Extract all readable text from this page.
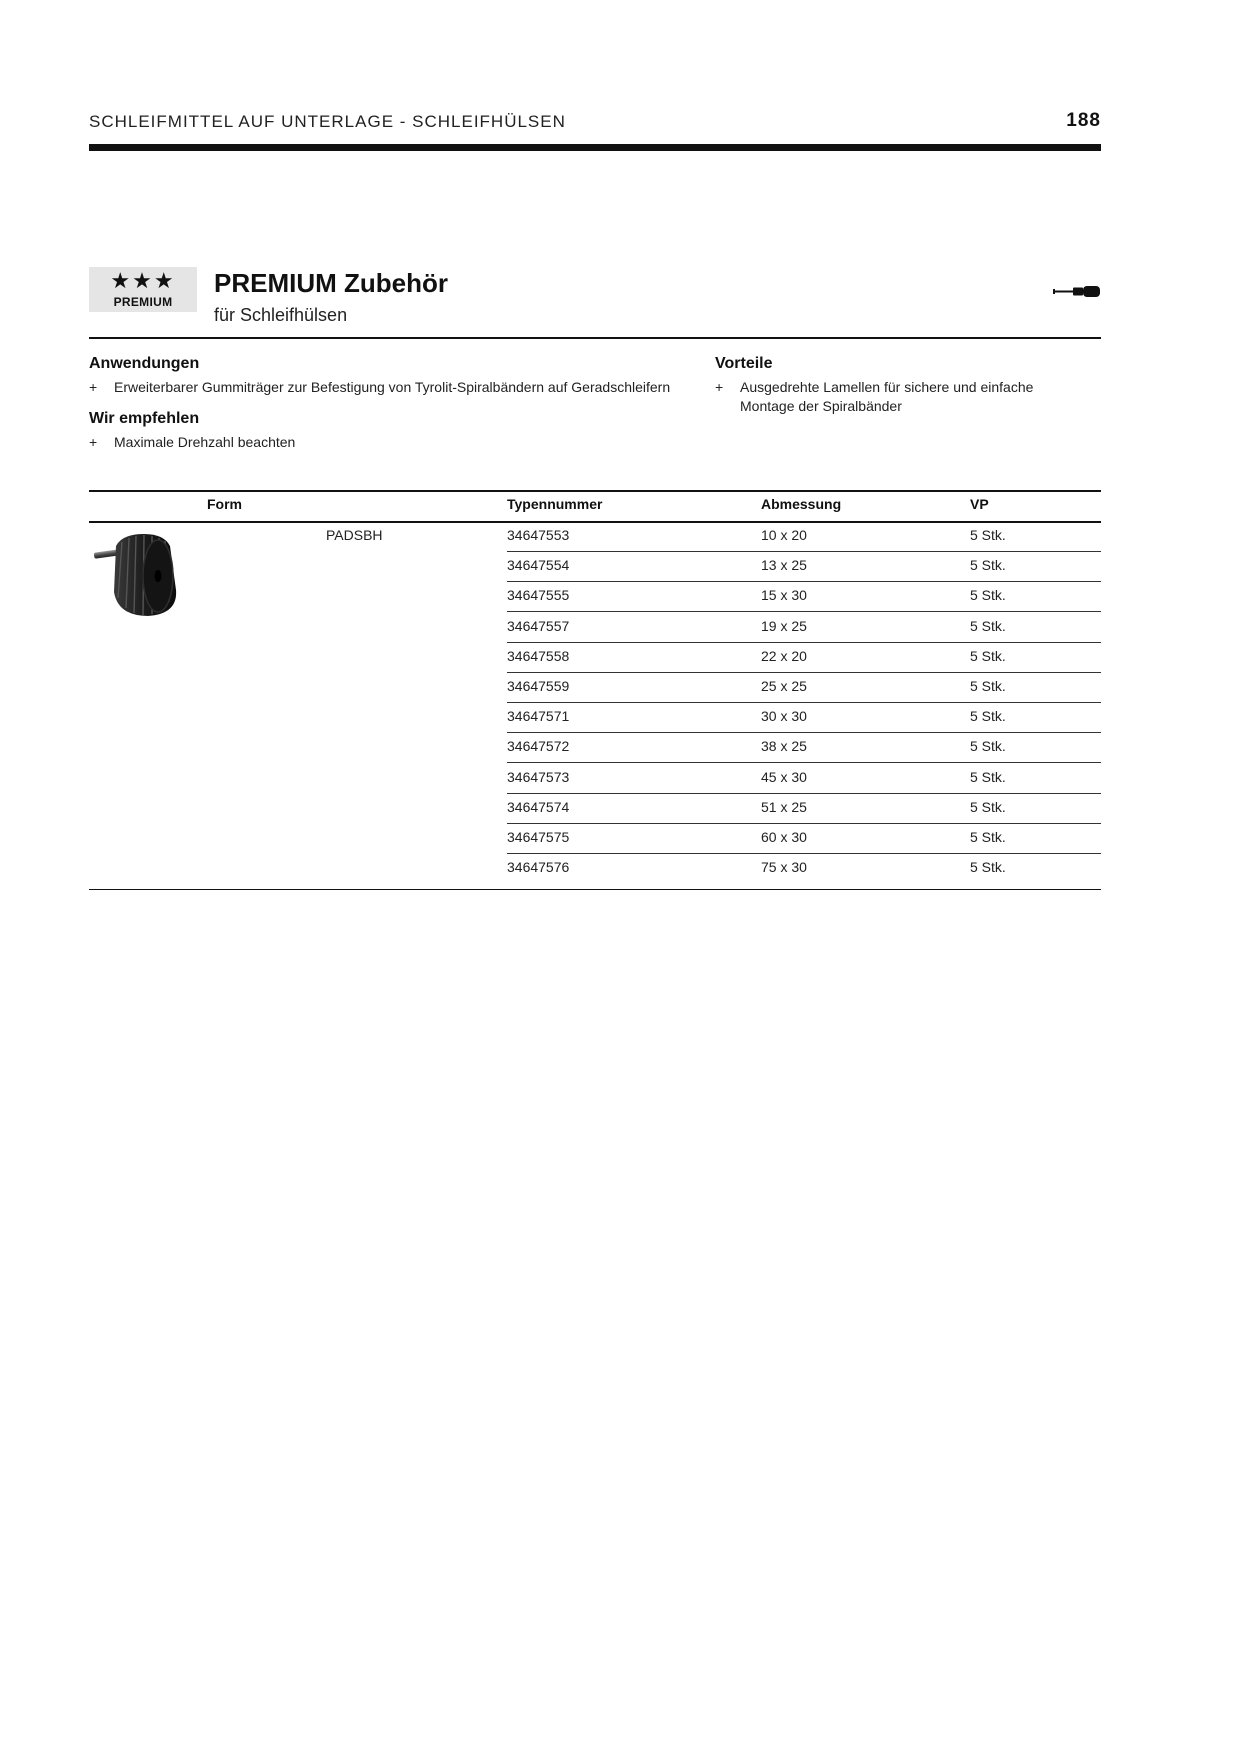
SCHLEIFMITTEL AUF UNTERLAGE - SCHLEIFHÜLSEN	188
★★★
PREMIUM
PREMIUM Zubehör
für Schleifhülsen
Anwendungen
+ Erweiterbarer Gummiträger zur Befestigung von Tyrolit-Spiralbändern auf Geradschleifern
Wir empfehlen
+ Maximale Drehzahl beachten
Vorteile
+ Ausgedrehte Lamellen für sichere und einfache
Montage der Spiralbänder
Form	Typennummer	Abmessung	VP
PADSBH	34647553	10 x 20	5 Stk.
34647554	13 x 25	5 Stk.
34647555	15 x 30	5 Stk.
34647557	19 x 25	5 Stk.
34647558	22 x 20	5 Stk.
34647559	25 x 25	5 Stk.
34647571	30 x 30	5 Stk.
34647572	38 x 25	5 Stk.
34647573	45 x 30	5 Stk.
34647574	51 x 25	5 Stk.
34647575	60 x 30	5 Stk.
34647576	75 x 30	5 Stk.
